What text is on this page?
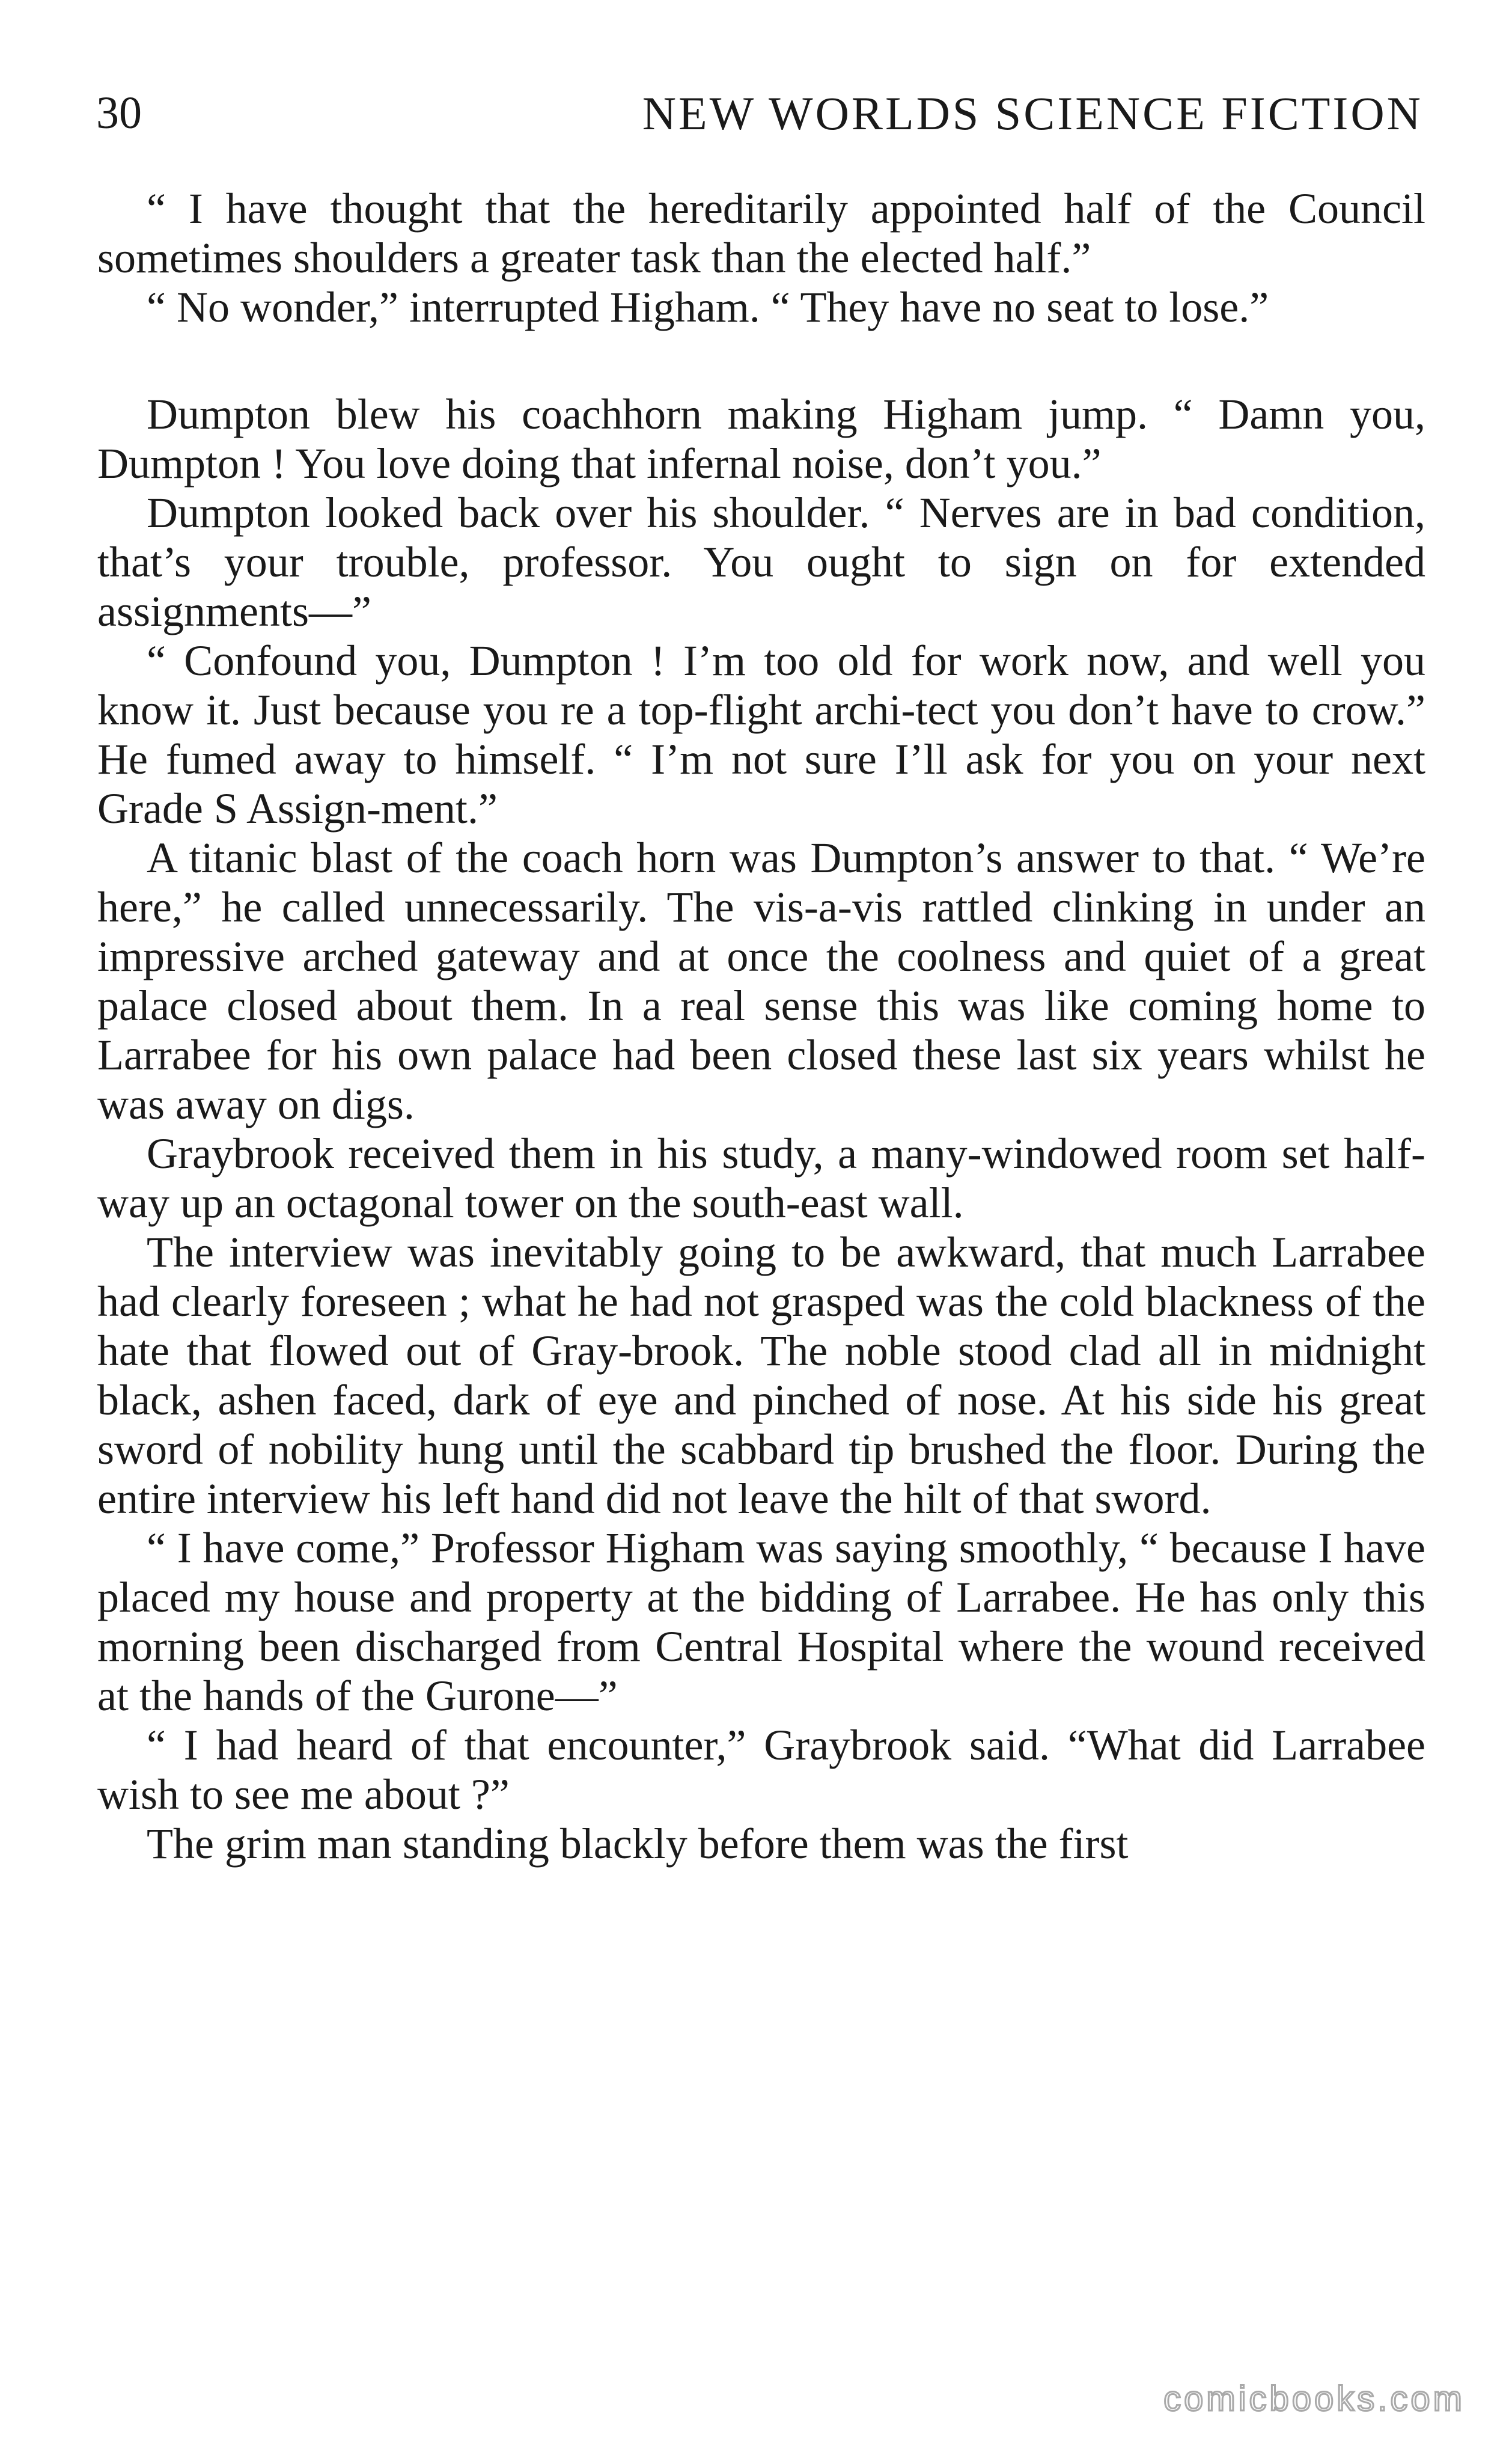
30	NEW WORLDS SCIENCE FICTION

“ I have thought that the hereditarily appointed half of the Council sometimes shoulders a greater task than the elected half.”

“ No wonder,” interrupted Higham. “ They have no seat to lose.”

Dumpton blew his coachhorn making Higham jump. “ Damn you, Dumpton ! You love doing that infernal noise, don’t you.”

Dumpton looked back over his shoulder. “ Nerves are in bad condition, that’s your trouble, professor. You ought to sign on for extended assignments—”

“ Confound you, Dumpton ! I’m too old for work now, and well you know it. Just because you re a top-flight archi-tect you don’t have to crow.” He fumed away to himself. “ I’m not sure I’ll ask for you on your next Grade S Assign-ment.”

A titanic blast of the coach horn was Dumpton’s answer to that. “ We’re here,” he called unnecessarily. The vis-a-vis rattled clinking in under an impressive arched gateway and at once the coolness and quiet of a great palace closed about them. In a real sense this was like coming home to Larrabee for his own palace had been closed these last six years whilst he was away on digs.

Graybrook received them in his study, a many-windowed room set half-way up an octagonal tower on the south-east wall.

The interview was inevitably going to be awkward, that much Larrabee had clearly foreseen ; what he had not grasped was the cold blackness of the hate that flowed out of Gray-brook. The noble stood clad all in midnight black, ashen faced, dark of eye and pinched of nose. At his side his great sword of nobility hung until the scabbard tip brushed the floor. During the entire interview his left hand did not leave the hilt of that sword.

“ I have come,” Professor Higham was saying smoothly, “ because I have placed my house and property at the bidding of Larrabee. He has only this morning been discharged from Central Hospital where the wound received at the hands of the Gurone—”

“ I had heard of that encounter,” Graybrook said. “What did Larrabee wish to see me about ?”

The grim man standing blackly before them was the first

comicbooks.com
